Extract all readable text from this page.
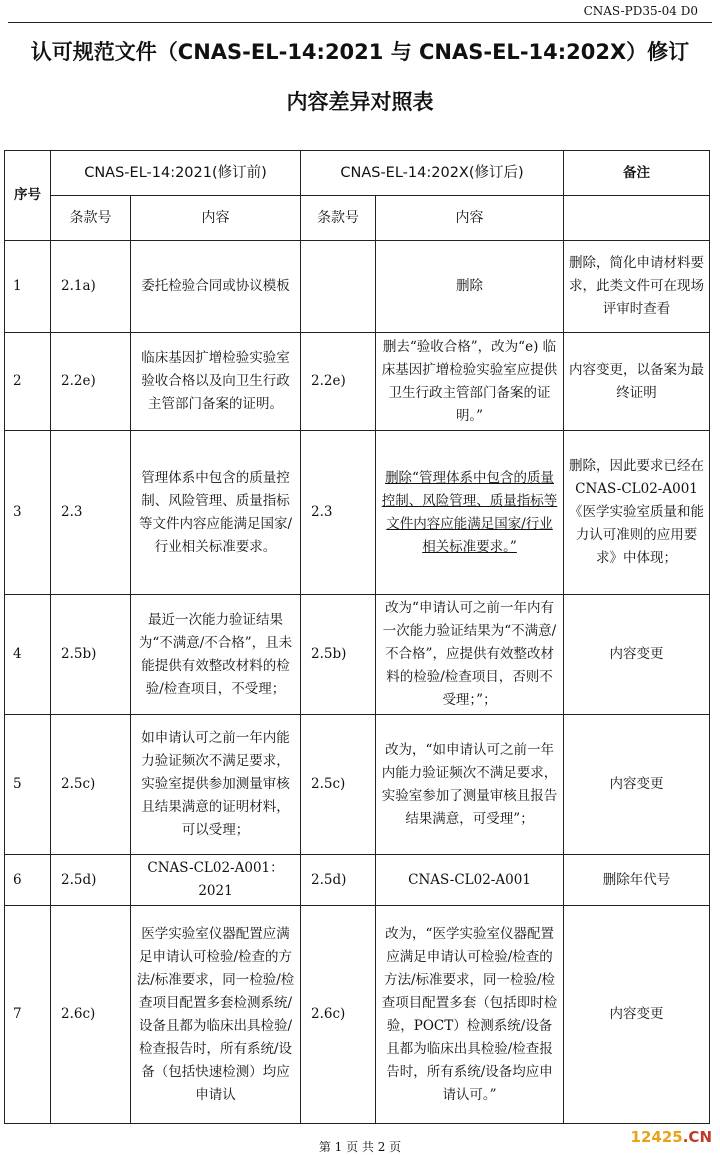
CNAS-PD35-04 D0
认可规范文件（CNAS-EL-14:2021 与 CNAS-EL-14:202X）修订
内容差异对照表
序号	CNAS-EL-14:2021(修订前)		CNAS-EL-14:202X(修订后)		备注
	条款号	内容	条款号	内容	
1	2.1a)	委托检验合同或协议模板		删除	删除，简化申请材料要求，此类文件可在现场评审时查看
2	2.2e)	临床基因扩增检验实验室验收合格以及向卫生行政主管部门备案的证明。	2.2e)	删去“验收合格”，改为“e) 临床基因扩增检验实验室应提供卫生行政主管部门备案的证明。”	内容变更，以备案为最终证明
3	2.3	管理体系中包含的质量控制、风险管理、质量指标等文件内容应能满足国家/行业相关标准要求。	2.3	删除“管理体系中包含的质量控制、风险管理、质量指标等文件内容应能满足国家/行业相关标准要求。”	删除，因此要求已经在CNAS-CL02-A001《医学实验室质量和能力认可准则的应用要求》中体现；
4	2.5b)	最近一次能力验证结果为“不满意/不合格”，且未能提供有效整改材料的检验/检查项目，不受理；	2.5b)	改为“申请认可之前一年内有一次能力验证结果为“不满意/不合格”，应提供有效整改材料的检验/检查项目，否则不受理；”；	内容变更
5	2.5c)	如申请认可之前一年内能力验证频次不满足要求，实验室提供参加测量审核且结果满意的证明材料，可以受理；	2.5c)	改为，“如申请认可之前一年内能力验证频次不满足要求，实验室参加了测量审核且报告结果满意，可受理”；	内容变更
6	2.5d)	CNAS-CL02-A001：2021	2.5d)	CNAS-CL02-A001	删除年代号
7	2.6c)	医学实验室仪器配置应满足申请认可检验/检查的方法/标准要求，同一检验/检查项目配置多套检测系统/设备且都为临床出具检验/检查报告时，所有系统/设备（包括快速检测）均应申请认	2.6c)	改为，“医学实验室仪器配置应满足申请认可检验/检查的方法/标准要求，同一检验/检查项目配置多套（包括即时检验，POCT）检测系统/设备且都为临床出具检验/检查报告时，所有系统/设备均应申请认可。”	内容变更
第 1 页 共 2 页
12425.CN
